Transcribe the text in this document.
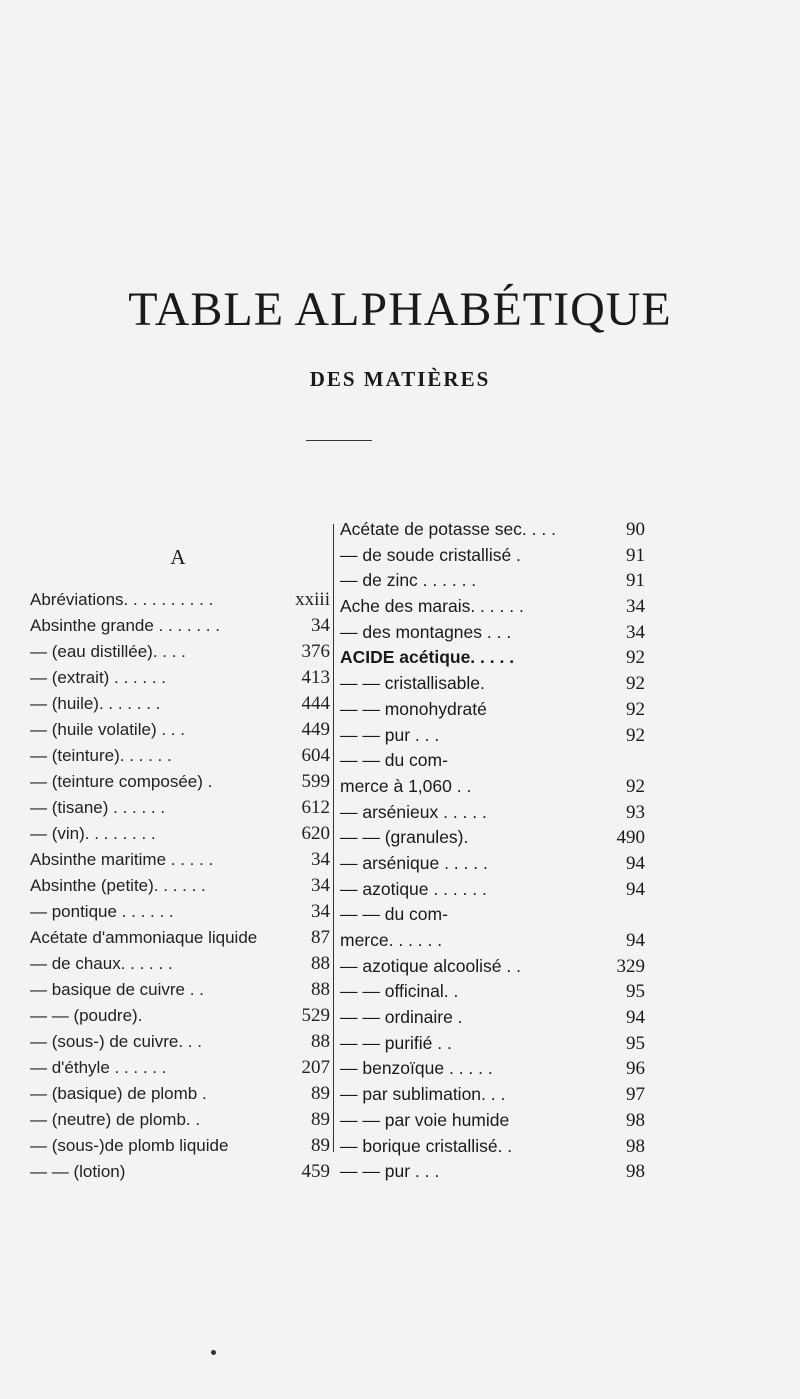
TABLE ALPHABÉTIQUE
DES MATIÈRES
A
Abréviations. . . . . . . . . .	xxiii
Absinthe grande . . . . . . .	34
— (eau distillée). . . .	376
— (extrait) . . . . . .	413
— (huile). . . . . . .	444
— (huile volatile) . . .	449
— (teinture). . . . . .	604
— (teinture composée) .	599
— (tisane) . . . . . .	612
— (vin). . . . . . . .	620
Absinthe maritime . . . . .	34
Absinthe (petite). . . . . .	34
— pontique . . . . . .	34
Acétate d'ammoniaque liquide	87
— de chaux. . . . . .	88
— basique de cuivre . .	88
— — (poudre).	529
— (sous-) de cuivre. . .	88
— d'éthyle . . . . . .	207
— (basique) de plomb .	89
— (neutre) de plomb. .	89
— (sous-)de plomb liquide	89
— — (lotion)	459
Acétate de potasse sec. . . .	90
— de soude cristallisé .	91
— de zinc . . . . . .	91
Ache des marais. . . . . .	34
— des montagnes . . .	34
ACIDE acétique. . . . .	92
— — cristallisable.	92
— — monohydraté	92
— — pur . . .	92
— — du com-
merce à 1,060 . .	92
— arsénieux . . . . .	93
— — (granules).	490
— arsénique . . . . .	94
— azotique . . . . . .	94
— — du com-
merce. . . . . .	94
— azotique alcoolisé . .	329
— — officinal. .	95
— — ordinaire .	94
— — purifié . .	95
— benzoïque . . . . .	96
— par sublimation. . .	97
— — par voie humide	98
— borique cristallisé. .	98
— — pur . . .	98
